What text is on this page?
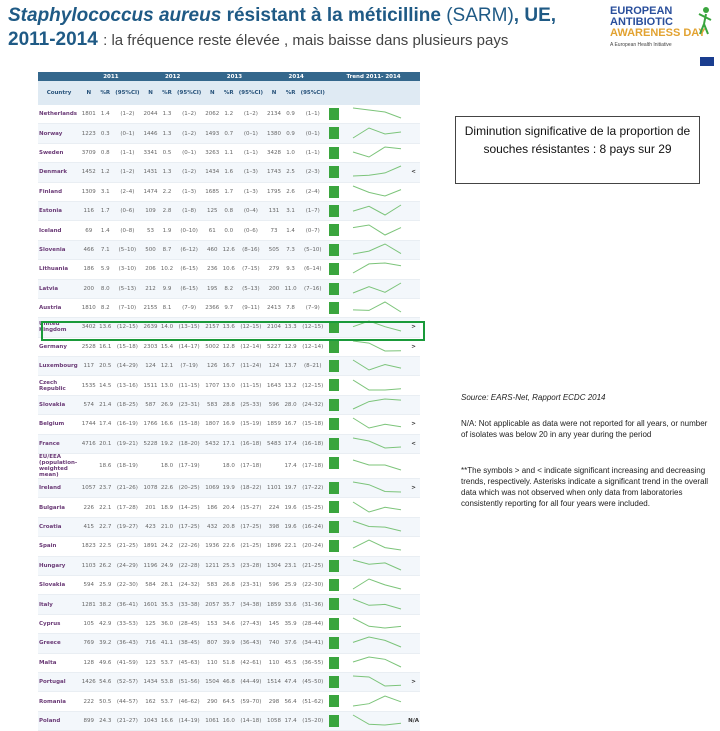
Staphylococcus aureus résistant à la méticilline (SARM), UE,
2011-2014 : la fréquence reste élevée , mais baisse dans plusieurs pays
EUROPEAN
ANTIBIOTIC
AWARENESS DAY
A European Health Initiative
	2011			2012			2013			2014			Trend 2011- 2014		
Country	N	%R	(95%CI)	N	%R	(95%CI)	N	%R	(95%CI)	N	%R	(95%CI)			
Netherlands	1801	1.4	(1–2)	2044	1.3	(1–2)	2062	1.2	(1–2)	2134	0.9	(1–1)	

Norway	1223	0.3	(0–1)	1446	1.3	(1–2)	1493	0.7	(0–1)	1380	0.9	(0–1)	

Sweden	3709	0.8	(1–1)	3341	0.5	(0–1)	3263	1.1	(1–1)	3428	1.0	(1–1)	

Denmark	1452	1.2	(1–2)	1431	1.3	(1–2)	1434	1.6	(1–3)	1743	2.5	(2–3)			<
Finland	1309	3.1	(2–4)	1474	2.2	(1–3)	1685	1.7	(1–3)	1795	2.6	(2–4)	

Estonia	116	1.7	(0–6)	109	2.8	(1–8)	125	0.8	(0–4)	131	3.1	(1–7)	

Iceland	69	1.4	(0–8)	53	1.9	(0–10)	61	0.0	(0–6)	73	1.4	(0–7)	

Slovenia	466	7.1	(5–10)	500	8.7	(6–12)	460	12.6	(8–16)	505	7.3	(5–10)	

Lithuania	186	5.9	(3–10)	206	10.2	(6–15)	236	10.6	(7–15)	279	9.3	(6–14)	

Latvia	200	8.0	(5–13)	212	9.9	(6–15)	195	8.2	(5–13)	200	11.0	(7–16)	

Austria	1810	8.2	(7–10)	2155	8.1	(7–9)	2366	9.7	(9–11)	2413	7.8	(7–9)	

United Kingdom	3402	13.6	(12–15)	2639	14.0	(13–15)	2157	13.6	(12–15)	2104	13.3	(12–15)			>
Germany	2528	16.1	(15–18)	2303	15.4	(14–17)	5002	12.8	(12–14)	5227	12.9	(12–14)			>
Luxembourg	117	20.5	(14–29)	124	12.1	(7–19)	126	16.7	(11–24)	124	13.7	(8–21)	

Czech Republic	1535	14.5	(13–16)	1511	13.0	(11–15)	1707	13.0	(11–15)	1643	13.2	(12–15)	

Slovakia	574	21.4	(18–25)	587	26.9	(23–31)	583	28.8	(25–33)	596	28.0	(24–32)	

Belgium	1744	17.4	(16–19)	1766	16.6	(15–18)	1807	16.9	(15–19)	1859	16.7	(15–18)			>
France	4716	20.1	(19–21)	5228	19.2	(18–20)	5432	17.1	(16–18)	5483	17.4	(16–18)			<
EU/EEA (population-weighted mean)		18.6	(18–19)		18.0	(17–19)		18.0	(17–18)		17.4	(17–18)	

Ireland	1057	23.7	(21–26)	1078	22.6	(20–25)	1069	19.9	(18–22)	1101	19.7	(17–22)			>
Bulgaria	226	22.1	(17–28)	201	18.9	(14–25)	186	20.4	(15–27)	224	19.6	(15–25)	

Croatia	415	22.7	(19–27)	423	21.0	(17–25)	432	20.8	(17–25)	398	19.6	(16–24)	

Spain	1823	22.5	(21–25)	1891	24.2	(22–26)	1936	22.6	(21–25)	1896	22.1	(20–24)	

Hungary	1103	26.2	(24–29)	1196	24.9	(22–28)	1211	25.3	(23–28)	1304	23.1	(21–25)	

Slovakia	594	25.9	(22–30)	584	28.1	(24–32)	583	26.8	(23–31)	596	25.9	(22–30)	

Italy	1281	38.2	(36–41)	1601	35.3	(33–38)	2057	35.7	(34–38)	1859	33.6	(31–36)	

Cyprus	105	42.9	(33–53)	125	36.0	(28–45)	153	34.6	(27–43)	145	35.9	(28–44)	

Greece	769	39.2	(36–43)	716	41.1	(38–45)	807	39.9	(36–43)	740	37.6	(34–41)	

Malta	128	49.6	(41–59)	123	53.7	(45–63)	110	51.8	(42–61)	110	45.5	(36–55)	

Portugal	1426	54.6	(52–57)	1434	53.8	(51–56)	1504	46.8	(44–49)	1514	47.4	(45–50)			>
Romania	222	50.5	(44–57)	162	53.7	(46–62)	290	64.5	(59–70)	298	56.4	(51–62)	

Poland	899	24.3	(21–27)	1043	16.6	(14–19)	1061	16.0	(14–18)	1058	17.4	(15–20)			N/A
Diminution significative de la proportion de souches résistantes : 8 pays sur 29
Source: EARS-Net, Rapport ECDC 2014
N/A: Not applicable as data were not reported for all years, or number of isolates was below 20 in any year during the period
**The symbols > and < indicate significant increasing and decreasing trends, respectively. Asterisks indicate a significant trend in the overall data which was not observed when only data from laboratories consistently reporting for all four years were included.
